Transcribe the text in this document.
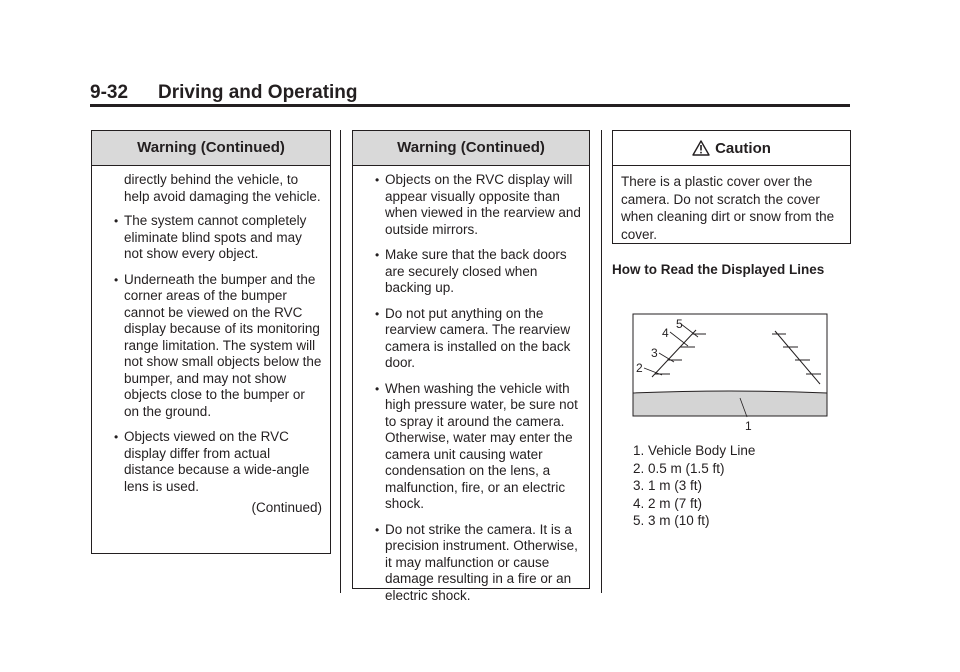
9-32 Driving and Operating
Warning (Continued)
directly behind the vehicle, to help avoid damaging the vehicle.
• The system cannot completely eliminate blind spots and may not show every object.
• Underneath the bumper and the corner areas of the bumper cannot be viewed on the RVC display because of its monitoring range limitation. The system will not show small objects below the bumper, and may not show objects close to the bumper or on the ground.
• Objects viewed on the RVC display differ from actual distance because a wide-angle lens is used.
(Continued)
Warning (Continued)
• Objects on the RVC display will appear visually opposite than when viewed in the rearview and outside mirrors.
• Make sure that the back doors are securely closed when backing up.
• Do not put anything on the rearview camera. The rearview camera is installed on the back door.
• When washing the vehicle with high pressure water, be sure not to spray it around the camera. Otherwise, water may enter the camera unit causing water condensation on the lens, a malfunction, fire, or an electric shock.
• Do not strike the camera. It is a precision instrument. Otherwise, it may malfunction or cause damage resulting in a fire or an electric shock.
Caution
There is a plastic cover over the camera. Do not scratch the cover when cleaning dirt or snow from the cover.
How to Read the Displayed Lines
5
4
3
2
1
1. Vehicle Body Line
2. 0.5 m (1.5 ft)
3. 1 m (3 ft)
4. 2 m (7 ft)
5. 3 m (10 ft)
